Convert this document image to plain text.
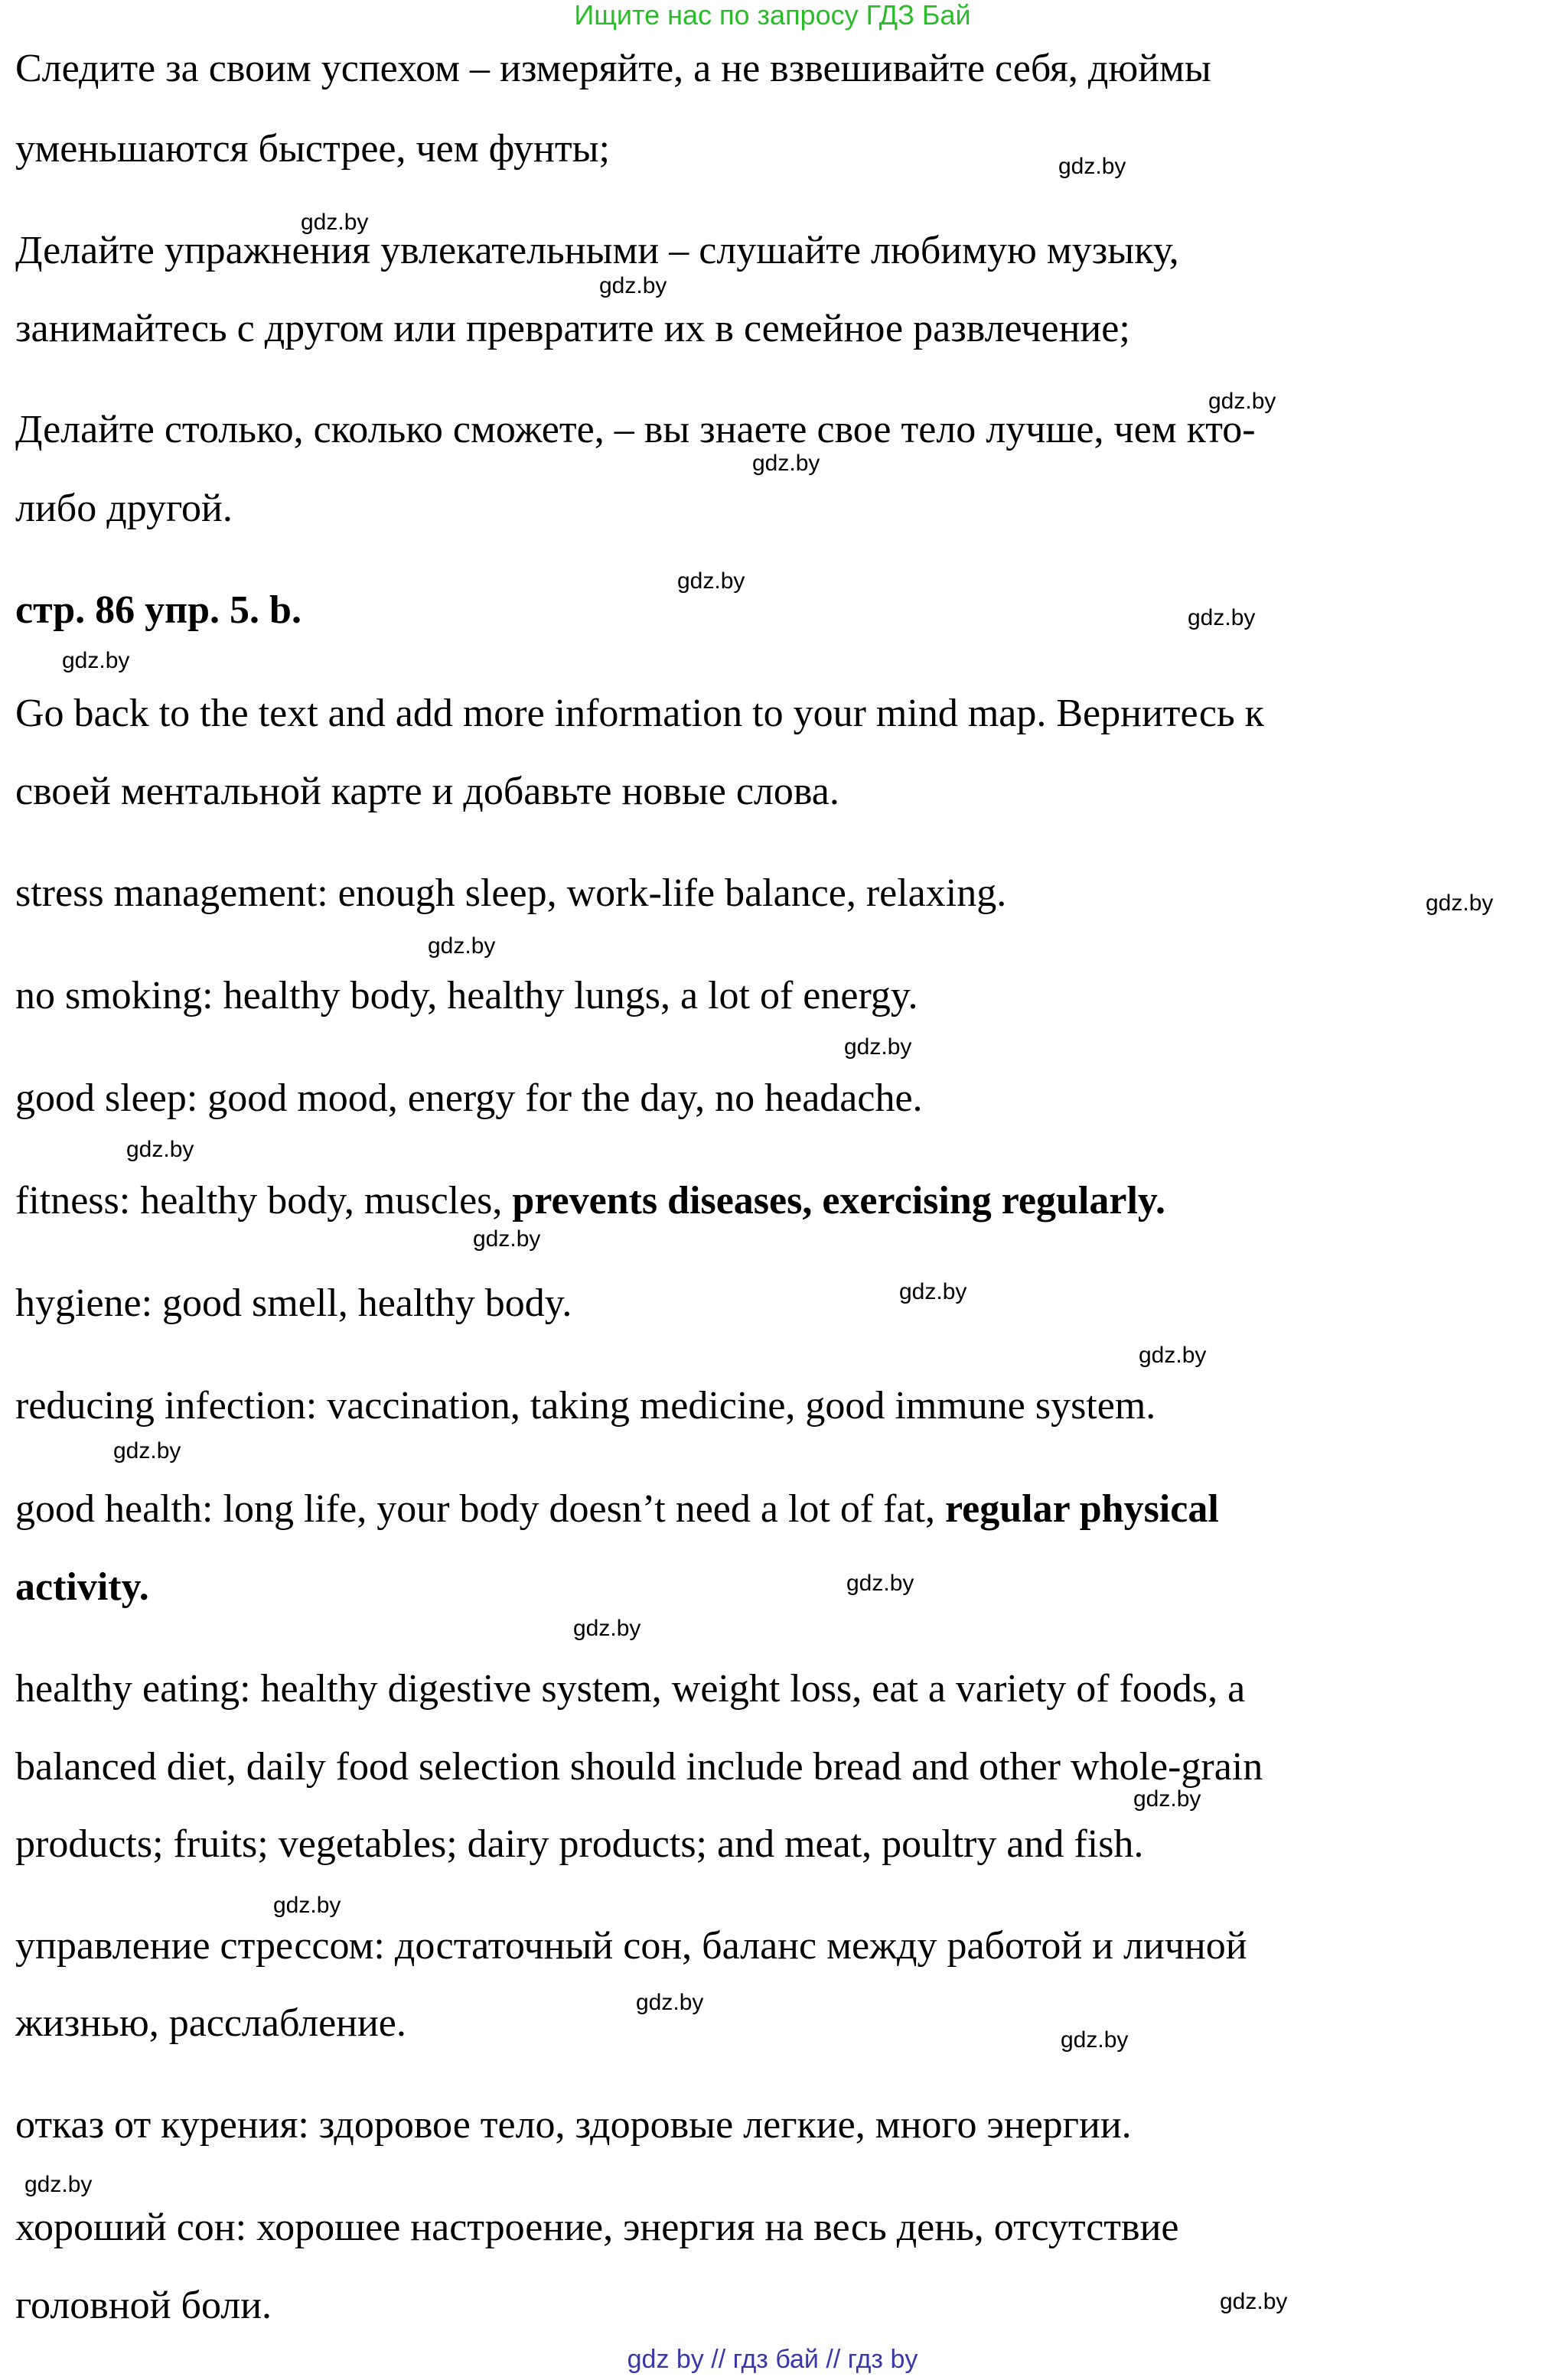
Ищите нас по запросу ГДЗ Бай
Следите за своим успехом – измеряйте, а не взвешивайте себя, дюймы
уменьшаются быстрее, чем фунты;
Делайте упражнения увлекательными – слушайте любимую музыку,
занимайтесь с другом или превратите их в семейное развлечение;
Делайте столько, сколько сможете, – вы знаете свое тело лучше, чем кто-
либо другой.
стр. 86 упр. 5. b.
Go back to the text and add more information to your mind map. Вернитесь к
своей ментальной карте и добавьте новые слова.
stress management: enough sleep, work-life balance, relaxing.
no smoking: healthy body, healthy lungs, a lot of energy.
good sleep: good mood, energy for the day, no headache.
fitness: healthy body, muscles, prevents diseases, exercising regularly.
hygiene: good smell, healthy body.
reducing infection: vaccination, taking medicine, good immune system.
good health: long life, your body doesn’t need a lot of fat, regular physical
activity.
healthy eating: healthy digestive system, weight loss, eat a variety of foods, a
balanced diet, daily food selection should include bread and other whole-grain
products; fruits; vegetables; dairy products; and meat, poultry and fish.
управление стрессом: достаточный сон, баланс между работой и личной
жизнью, расслабление.
отказ от курения: здоровое тело, здоровые легкие, много энергии.
хороший сон: хорошее настроение, энергия на весь день, отсутствие
головной боли.
gdz.by
gdz.by
gdz.by
gdz.by
gdz.by
gdz.by
gdz.by
gdz.by
gdz.by
gdz.by
gdz.by
gdz.by
gdz.by
gdz.by
gdz.by
gdz.by
gdz.by
gdz.by
gdz.by
gdz.by
gdz.by
gdz.by
gdz.by
gdz.by
gdz by // гдз бай // гдз by
